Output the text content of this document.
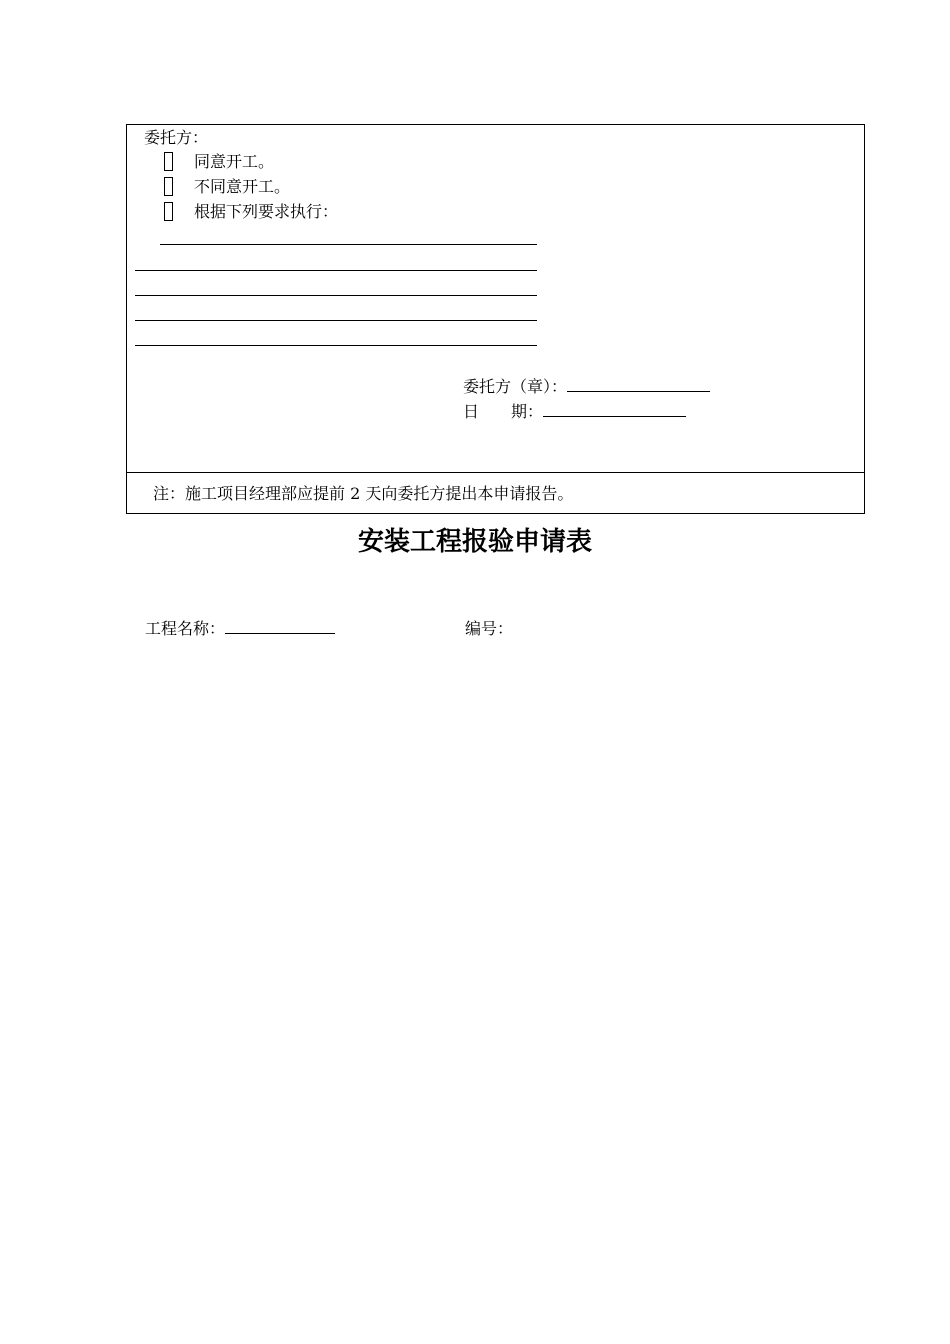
委托方：
同意开工。
不同意开工。
根据下列要求执行：
委托方（章）：
日　　期：
注：施工项目经理部应提前 2 天向委托方提出本申请报告。
安装工程报验申请表
工程名称：	编号：
